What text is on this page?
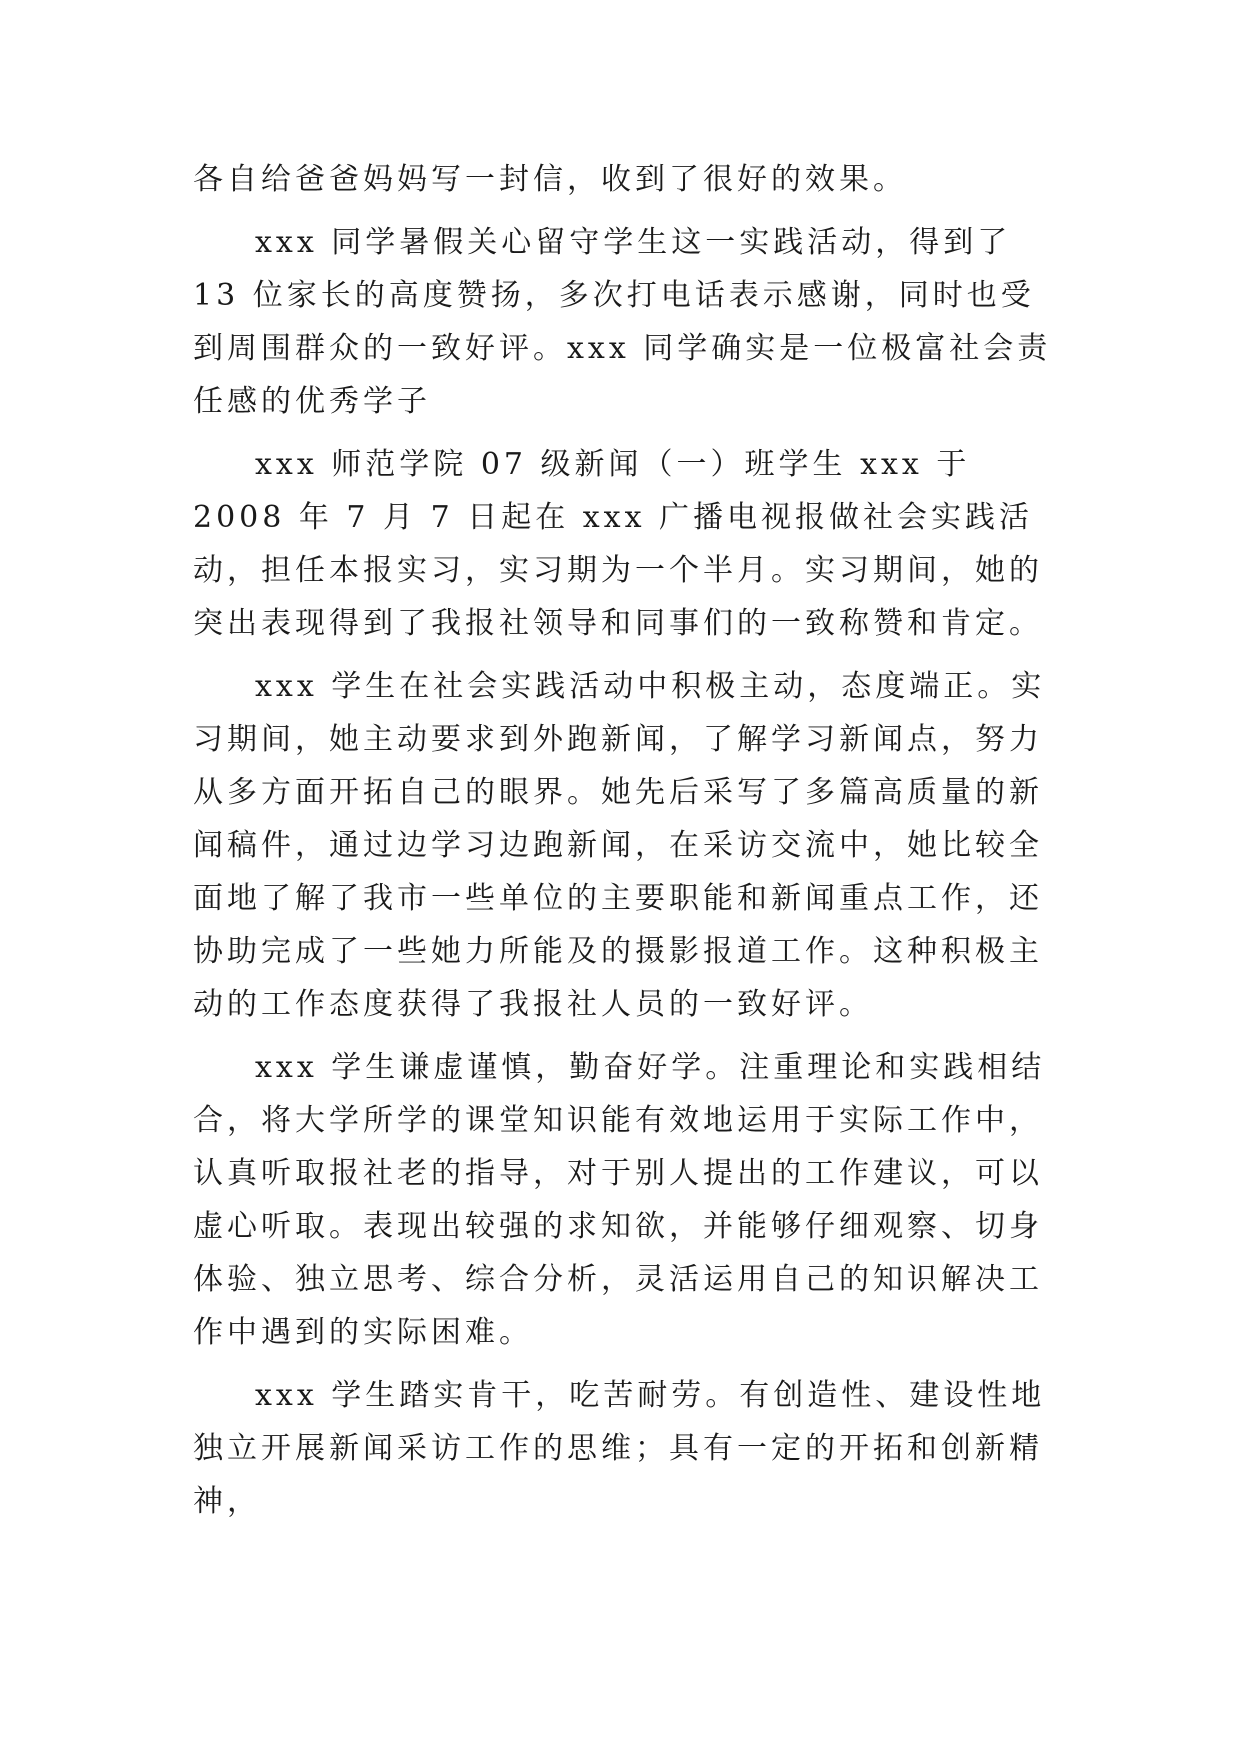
各自给爸爸妈妈写一封信，收到了很好的效果。

xxx 同学暑假关心留守学生这一实践活动，得到了 13 位家长的高度赞扬，多次打电话表示感谢，同时也受到周围群众的一致好评。xxx 同学确实是一位极富社会责任感的优秀学子

xxx 师范学院 07 级新闻（一）班学生 xxx 于 2008 年 7 月 7 日起在 xxx 广播电视报做社会实践活动，担任本报实习，实习期为一个半月。实习期间，她的突出表现得到了我报社领导和同事们的一致称赞和肯定。

xxx 学生在社会实践活动中积极主动，态度端正。实习期间，她主动要求到外跑新闻，了解学习新闻点，努力从多方面开拓自己的眼界。她先后采写了多篇高质量的新闻稿件，通过边学习边跑新闻，在采访交流中，她比较全面地了解了我市一些单位的主要职能和新闻重点工作，还协助完成了一些她力所能及的摄影报道工作。这种积极主动的工作态度获得了我报社人员的一致好评。

xxx 学生谦虚谨慎，勤奋好学。注重理论和实践相结合，将大学所学的课堂知识能有效地运用于实际工作中，认真听取报社老的指导，对于别人提出的工作建议，可以虚心听取。表现出较强的求知欲，并能够仔细观察、切身体验、独立思考、综合分析，灵活运用自己的知识解决工作中遇到的实际困难。

xxx 学生踏实肯干，吃苦耐劳。有创造性、建设性地独立开展新闻采访工作的思维；具有一定的开拓和创新精神，
